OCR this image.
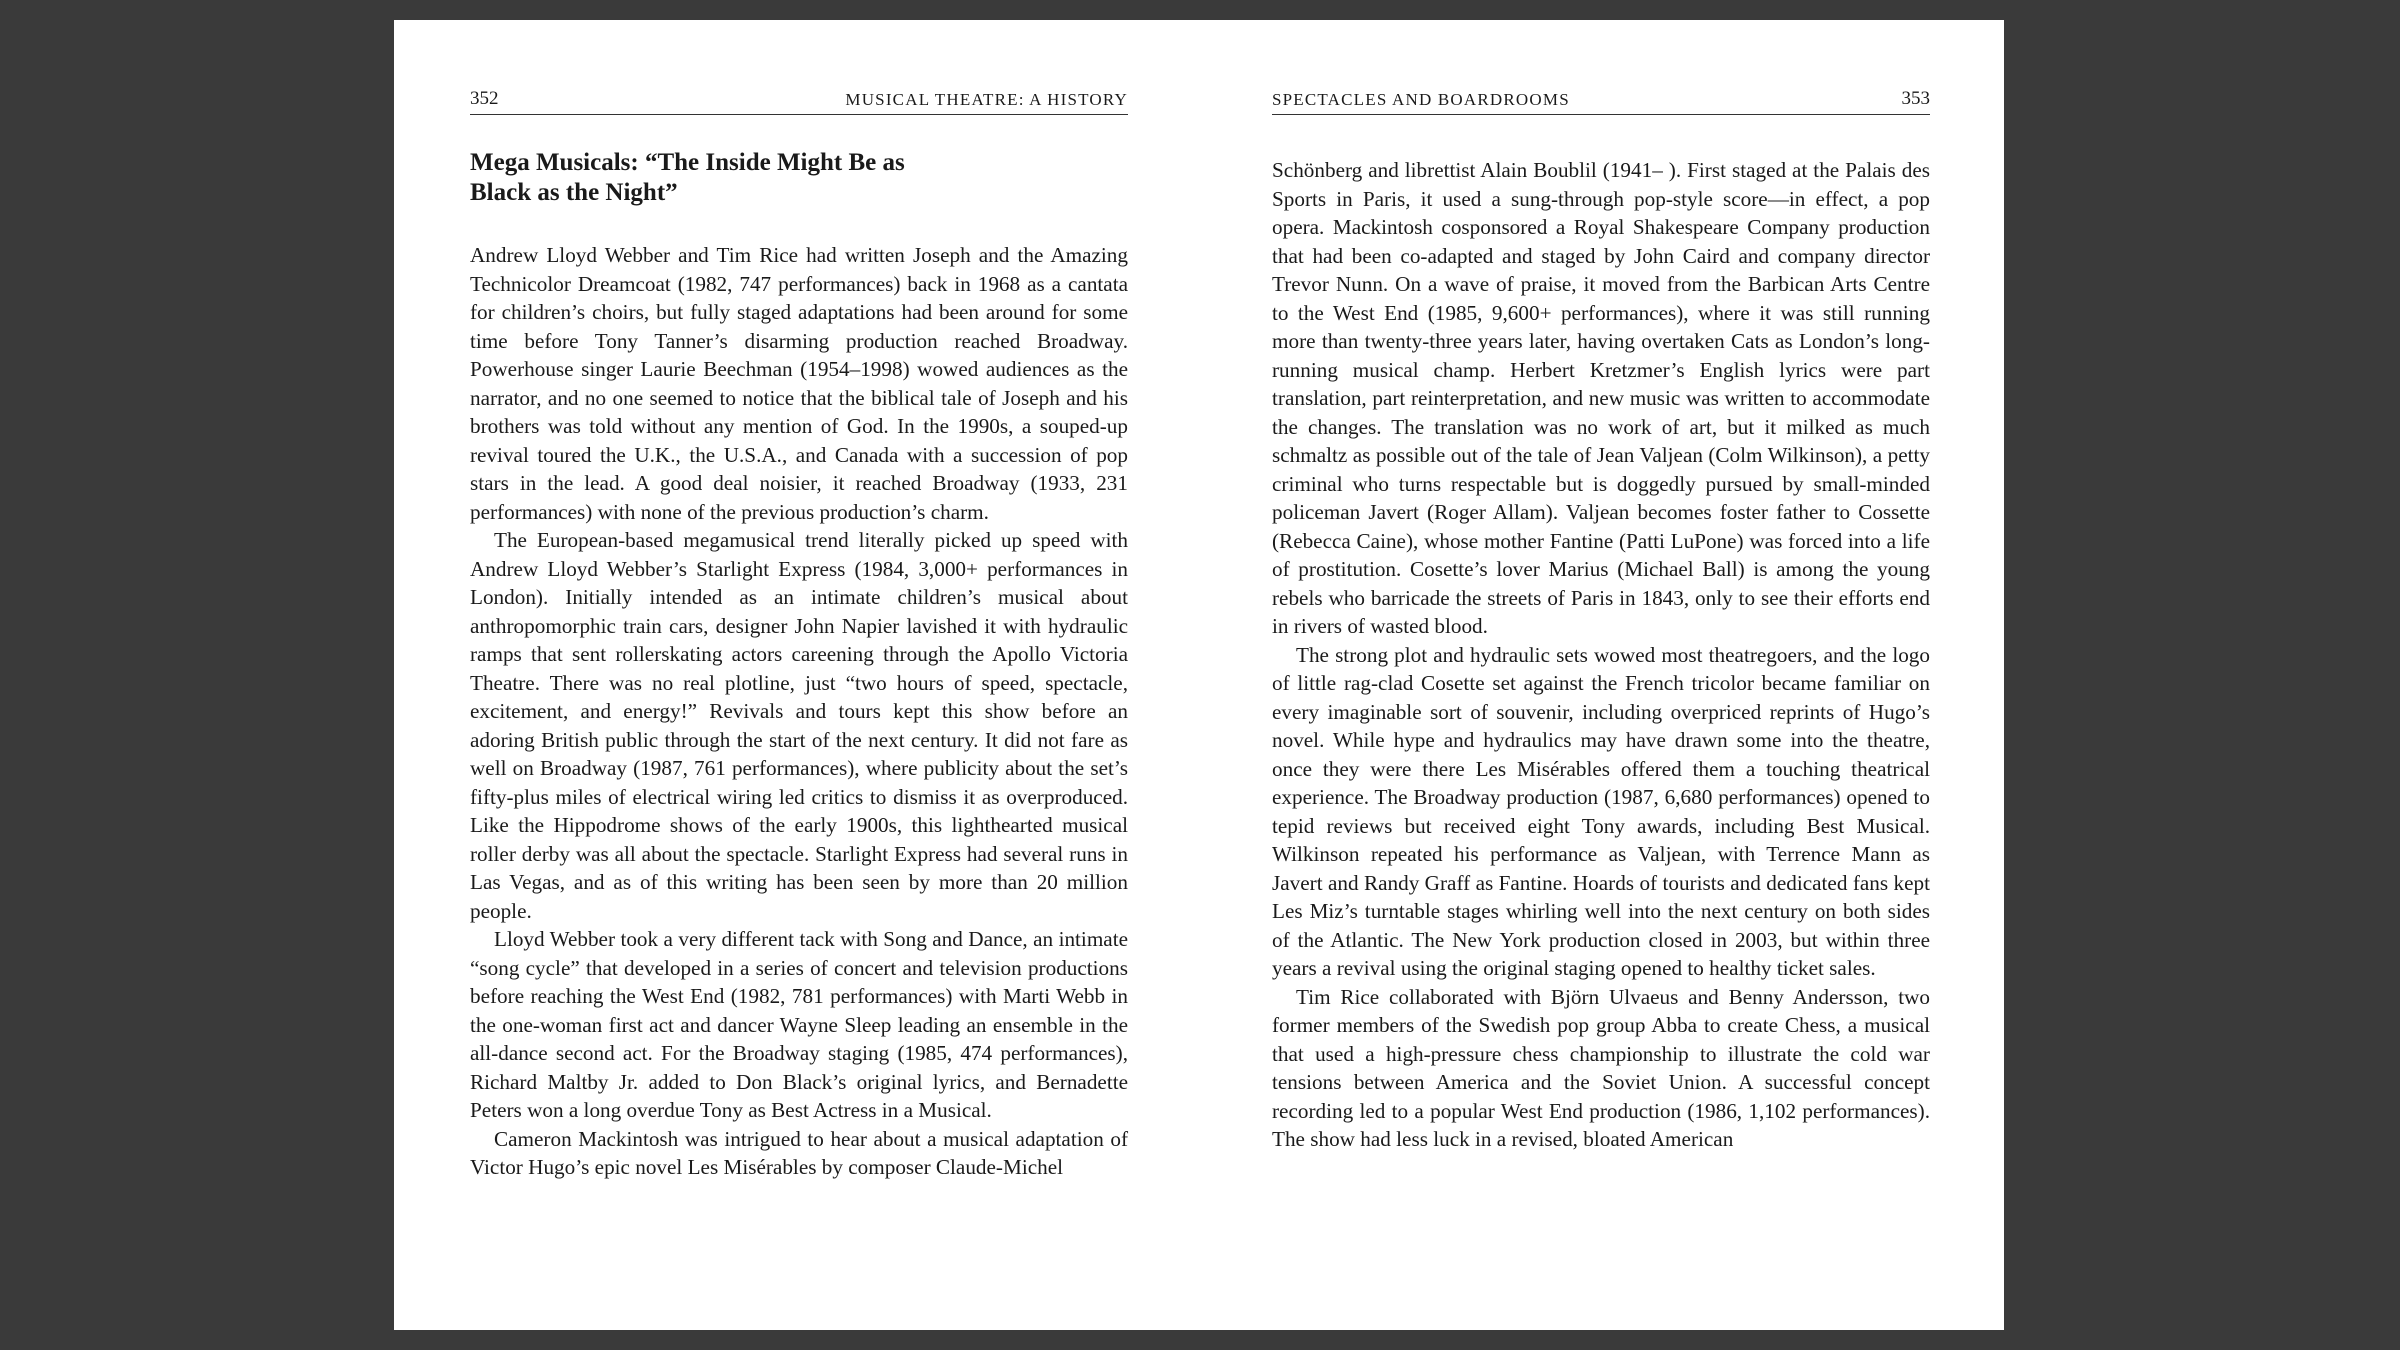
352	MUSICAL THEATRE: A HISTORY
Mega Musicals: “The Inside Might Be as
Black as the Night”

Andrew Lloyd Webber and Tim Rice had written Joseph and the Amazing Technicolor Dreamcoat (1982, 747 performances) back in 1968 as a cantata for children’s choirs, but fully staged adaptations had been around for some time before Tony Tanner’s disarming production reached Broadway. Powerhouse singer Laurie Beechman (1954–1998) wowed audiences as the narrator, and no one seemed to notice that the biblical tale of Joseph and his brothers was told without any mention of God. In the 1990s, a souped-up revival toured the U.K., the U.S.A., and Canada with a succession of pop stars in the lead. A good deal noisier, it reached Broadway (1933, 231 performances) with none of the previous production’s charm.

The European-based megamusical trend literally picked up speed with Andrew Lloyd Webber’s Starlight Express (1984, 3,000+ performances in London). Initially intended as an intimate children’s musical about anthropomorphic train cars, designer John Napier lavished it with hydraulic ramps that sent rollerskating actors careening through the Apollo Victoria Theatre. There was no real plotline, just “two hours of speed, spectacle, excitement, and energy!” Revivals and tours kept this show before an adoring British public through the start of the next century. It did not fare as well on Broadway (1987, 761 performances), where publicity about the set’s fifty-plus miles of electrical wiring led critics to dismiss it as overproduced. Like the Hippodrome shows of the early 1900s, this lighthearted musical roller derby was all about the spectacle. Starlight Express had several runs in Las Vegas, and as of this writing has been seen by more than 20 million people.

Lloyd Webber took a very different tack with Song and Dance, an intimate “song cycle” that developed in a series of concert and television productions before reaching the West End (1982, 781 performances) with Marti Webb in the one-woman first act and dancer Wayne Sleep leading an ensemble in the all-dance second act. For the Broadway staging (1985, 474 performances), Richard Maltby Jr. added to Don Black’s original lyrics, and Bernadette Peters won a long overdue Tony as Best Actress in a Musical.

Cameron Mackintosh was intrigued to hear about a musical adaptation of Victor Hugo’s epic novel Les Misérables by composer Claude-Michel

SPECTACLES AND BOARDROOMS	353

Schönberg and librettist Alain Boublil (1941– ). First staged at the Palais des Sports in Paris, it used a sung-through pop-style score—in effect, a pop opera. Mackintosh cosponsored a Royal Shakespeare Company production that had been co-adapted and staged by John Caird and company director Trevor Nunn. On a wave of praise, it moved from the Barbican Arts Centre to the West End (1985, 9,600+ performances), where it was still running more than twenty-three years later, having overtaken Cats as London’s long-running musical champ. Herbert Kretzmer’s English lyrics were part translation, part reinterpretation, and new music was written to accommodate the changes. The translation was no work of art, but it milked as much schmaltz as possible out of the tale of Jean Valjean (Colm Wilkinson), a petty criminal who turns respectable but is doggedly pursued by small-minded policeman Javert (Roger Allam). Valjean becomes foster father to Cossette (Rebecca Caine), whose mother Fantine (Patti LuPone) was forced into a life of prostitution. Cosette’s lover Marius (Michael Ball) is among the young rebels who barricade the streets of Paris in 1843, only to see their efforts end in rivers of wasted blood.

The strong plot and hydraulic sets wowed most theatregoers, and the logo of little rag-clad Cosette set against the French tricolor became familiar on every imaginable sort of souvenir, including overpriced reprints of Hugo’s novel. While hype and hydraulics may have drawn some into the theatre, once they were there Les Misérables offered them a touching theatrical experience. The Broadway production (1987, 6,680 performances) opened to tepid reviews but received eight Tony awards, including Best Musical. Wilkinson repeated his performance as Valjean, with Terrence Mann as Javert and Randy Graff as Fantine. Hoards of tourists and dedicated fans kept Les Miz’s turntable stages whirling well into the next century on both sides of the Atlantic. The New York production closed in 2003, but within three years a revival using the original staging opened to healthy ticket sales.

Tim Rice collaborated with Björn Ulvaeus and Benny Andersson, two former members of the Swedish pop group Abba to create Chess, a musical that used a high-pressure chess championship to illustrate the cold war tensions between America and the Soviet Union. A successful concept recording led to a popular West End production (1986, 1,102 performances). The show had less luck in a revised, bloated American
